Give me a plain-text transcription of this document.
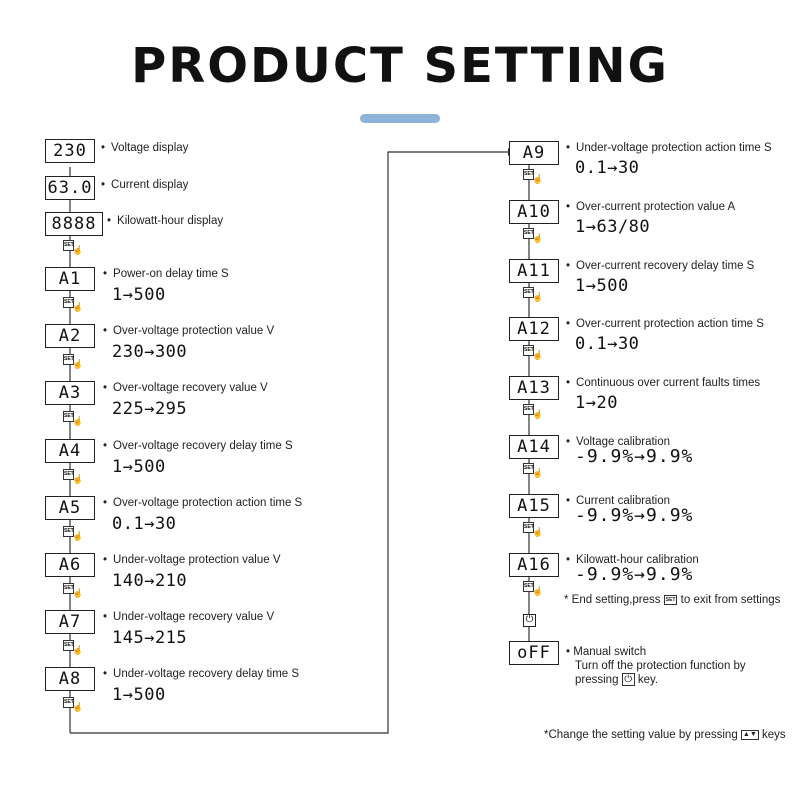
PRODUCT SETTING
230	• Voltage display
63.0	• Current display
8888	• Kilowatt-hour display
SET
☝
A1	• Power-on delay time S
1→500
SET
☝
A2	• Over-voltage protection value V
230→300
SET
☝
A3	• Over-voltage recovery value V
225→295
SET
☝
A4	• Over-voltage recovery delay time S
1→500
SET
☝
A5	• Over-voltage protection action time S
0.1→30
SET
☝
A6	• Under-voltage protection value V
140→210
SET
☝
A7	• Under-voltage recovery value V
145→215
SET
☝
A8	• Under-voltage recovery delay time S
1→500
SET
☝
A9	• Under-voltage protection action time S
0.1→30
SET
☝
A10	• Over-current protection value A
1→63/80
SET
☝
A11	• Over-current recovery delay time S
1→500
SET
☝
A12	• Over-current protection action time S
0.1→30
SET
☝
A13	• Continuous over current faults times
1→20
SET
☝
A14	• Voltage calibration
-9.9%→9.9%
SET
☝
A15	• Current calibration
-9.9%→9.9%
SET
☝
A16	• Kilowatt-hour calibration
-9.9%→9.9%
SET
☝
⏻
oFF
* End setting,press SET to exit from settings
• Manual switch
Turn off the protection function by
pressing ⏻ key.
*Change the setting value by pressing ▲▼ keys
